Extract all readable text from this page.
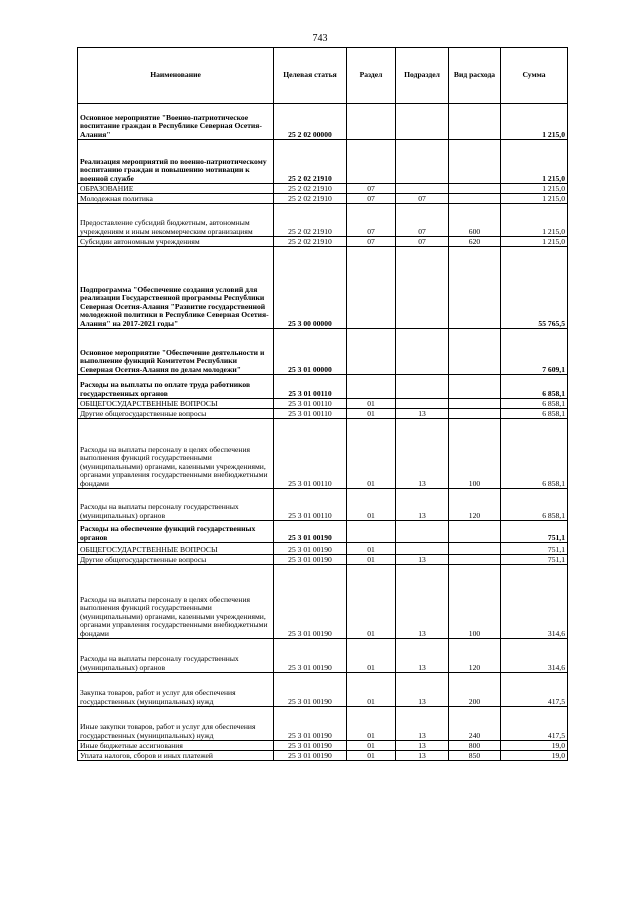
743
Наименование	Целевая статья	Раздел	Подраздел	Вид расхода	Сумма
Основное мероприятие "Военно-патриотическое воспитание граждан в Республике Северная Осетия- Алания"	25 2 02 00000				1 215,0
Реализация мероприятий по военно-патриотическому воспитанию граждан и повышению мотивации к военной службе	25 2 02 21910				1 215,0
ОБРАЗОВАНИЕ	25 2 02 21910	07			1 215,0
Молодежная политика	25 2 02 21910	07	07		1 215,0
Предоставление субсидий бюджетным, автономным учреждениям и иным некоммерческим организациям	25 2 02 21910	07	07	600	1 215,0
Субсидии автономным учреждениям	25 2 02 21910	07	07	620	1 215,0
Подпрограмма "Обеспечение создания условий для реализации Государственной программы Республики Северная Осетия-Алания "Развитие государственной молодежной политики в Республике Северная Осетия-Алания" на 2017-2021 годы"	25 3 00 00000				55 765,5
Основное мероприятие "Обеспечение деятельности и выполнение функций Комитетом Республики Северная Осетия-Алания по делам молодежи"	25 3 01 00000				7 609,1
Расходы на выплаты по оплате труда работников государственных органов	25 3 01 00110				6 858,1
ОБЩЕГОСУДАРСТВЕННЫЕ ВОПРОСЫ	25 3 01 00110	01			6 858,1
Другие общегосударственные вопросы	25 3 01 00110	01	13		6 858,1
Расходы на выплаты персоналу в целях обеспечения выполнения функций государственными (муниципальными) органами, казенными учреждениями, органами управления государственными внебюджетными фондами	25 3 01 00110	01	13	100	6 858,1
Расходы на выплаты персоналу государственных (муниципальных) органов	25 3 01 00110	01	13	120	6 858,1
Расходы на обеспечение функций государственных органов	25 3 01 00190				751,1
ОБЩЕГОСУДАРСТВЕННЫЕ ВОПРОСЫ	25 3 01 00190	01			751,1
Другие общегосударственные вопросы	25 3 01 00190	01	13		751,1
Расходы на выплаты персоналу в целях обеспечения выполнения функций государственными (муниципальными) органами, казенными учреждениями, органами управления государственными внебюджетными фондами	25 3 01 00190	01	13	100	314,6
Расходы на выплаты персоналу государственных (муниципальных) органов	25 3 01 00190	01	13	120	314,6
Закупка товаров, работ и услуг для обеспечения государственных (муниципальных) нужд	25 3 01 00190	01	13	200	417,5
Иные закупки товаров, работ и услуг для обеспечения государственных (муниципальных) нужд	25 3 01 00190	01	13	240	417,5
Иные бюджетные ассигнования	25 3 01 00190	01	13	800	19,0
Уплата налогов, сборов и иных платежей	25 3 01 00190	01	13	850	19,0
